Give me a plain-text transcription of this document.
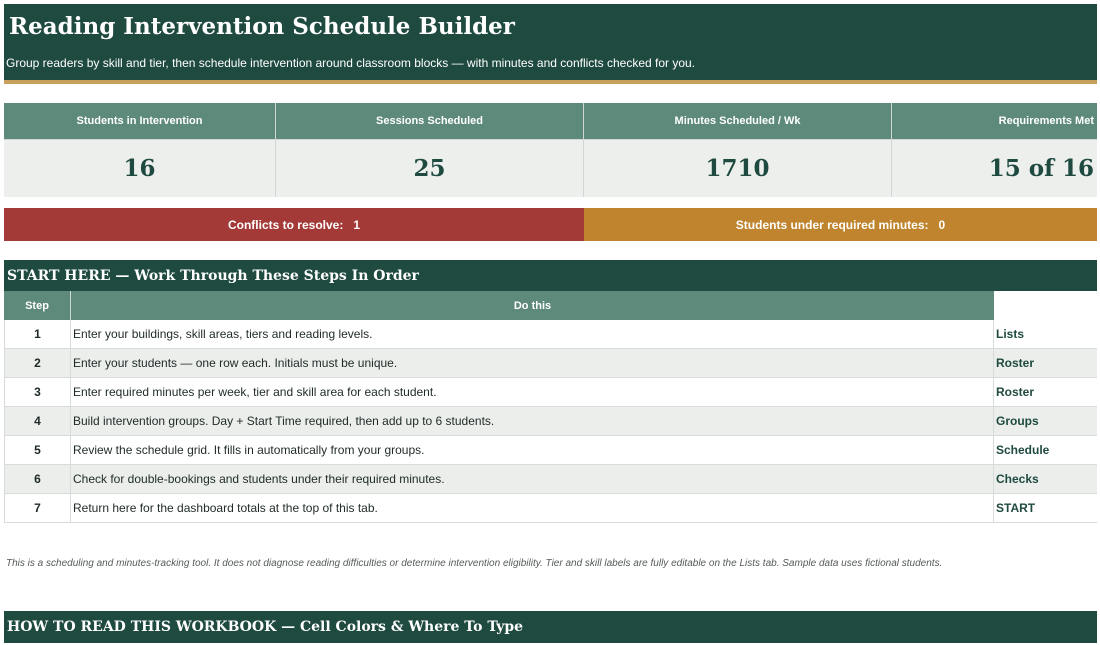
Reading Intervention Schedule Builder
Group readers by skill and tier, then schedule intervention around classroom blocks — with minutes and conflicts checked for you.
Students in Intervention
16
Sessions Scheduled
25
Minutes Scheduled / Wk
1710
Requirements Met
15 of 16
Conflicts to resolve:
1	Students under required minutes:
0
START HERE — Work Through These Steps In Order
Step	Do this
1	Enter your buildings, skill areas, tiers and reading levels.	Lists
2	Enter your students — one row each. Initials must be unique.	Roster
3	Enter required minutes per week, tier and skill area for each student.	Roster
4	Build intervention groups. Day + Start Time required, then add up to 6 students.	Groups
5	Review the schedule grid. It fills in automatically from your groups.	Schedule
6	Check for double-bookings and students under their required minutes.	Checks
7	Return here for the dashboard totals at the top of this tab.	START
This is a scheduling and minutes-tracking tool. It does not diagnose reading difficulties or determine intervention eligibility. Tier and skill labels are fully editable on the Lists tab. Sample data uses fictional students.
HOW TO READ THIS WORKBOOK — Cell Colors & Where To Type
